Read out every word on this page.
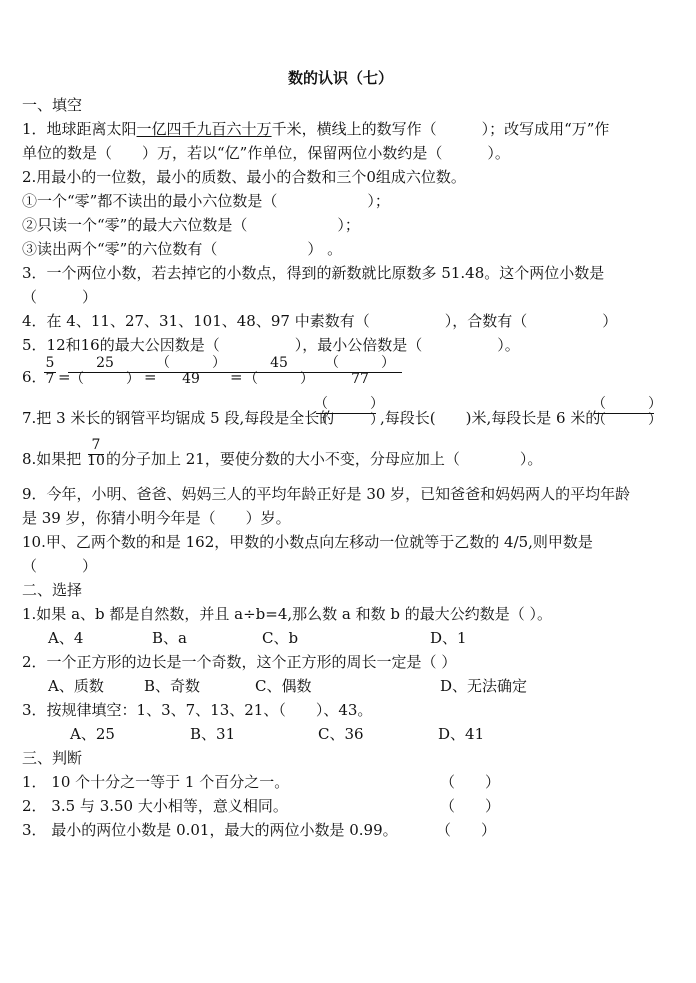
数的认识（七）
一、填空
1．地球距离太阳一亿四千九百六十万千米，横线上的数写作（　　　）；改写成用“万”作
单位的数是（　　）万，若以“亿”作单位，保留两位小数约是（　　　）。
2.用最小的一位数，最小的质数、最小的合数和三个0组成六位数。
①一个“零”都不读出的最小六位数是（　　　　　　）；
②只读一个“零”的最大六位数是（　　　　　　）；
③读出两个“零”的六位数有（　　　　　　） 。
3．一个两位小数，若去掉它的小数点，得到的新数就比原数多 51.48。这个两位小数是
（　　　）
4．在 4、11、27、31、101、48、97 中素数有（　　　　　），合数有（　　　　　）
5．12和16的最大公因数是（　　　　　），最小公倍数是（　　　　　）。
6．
5
7 =
25
（　　　） =
（　　　）
49	=
45
（　　　）
（　　　）
77
7.把 3 米长的钢管平均锯成 5 段,每段是全长的
（　　　）
（　　　）
,每段长(　　)米,每段长是 6 米的
（　　　）
（　　　）
8.如果把
7
10 的分子加上 21，要使分数的大小不变，分母应加上（　　　　）。
9．今年，小明、爸爸、妈妈三人的平均年龄正好是 30 岁，已知爸爸和妈妈两人的平均年龄
是 39 岁，你猜小明今年是（　　）岁。
10.甲、乙两个数的和是 162，甲数的小数点向左移动一位就等于乙数的 4/5,则甲数是
（　　　）
二、选择
1.如果 a、b 都是自然数，并且 a÷b=4,那么数 a 和数 b 的最大公约数是（ ）。
A、4	B、a	C、b	D、1
2．一个正方形的边长是一个奇数，这个正方形的周长一定是（ ）
A、质数	B、奇数	C、偶数	D、无法确定
3．按规律填空：1、3、7、13、21、（　　）、43。
A、25	B、31	C、36	D、41
三、判断
1． 10 个十分之一等于 1 个百分之一。	（　　）
2． 3.5 与 3.50 大小相等，意义相同。	（　　）
3． 最小的两位小数是 0.01，最大的两位小数是 0.99。	（　　）
